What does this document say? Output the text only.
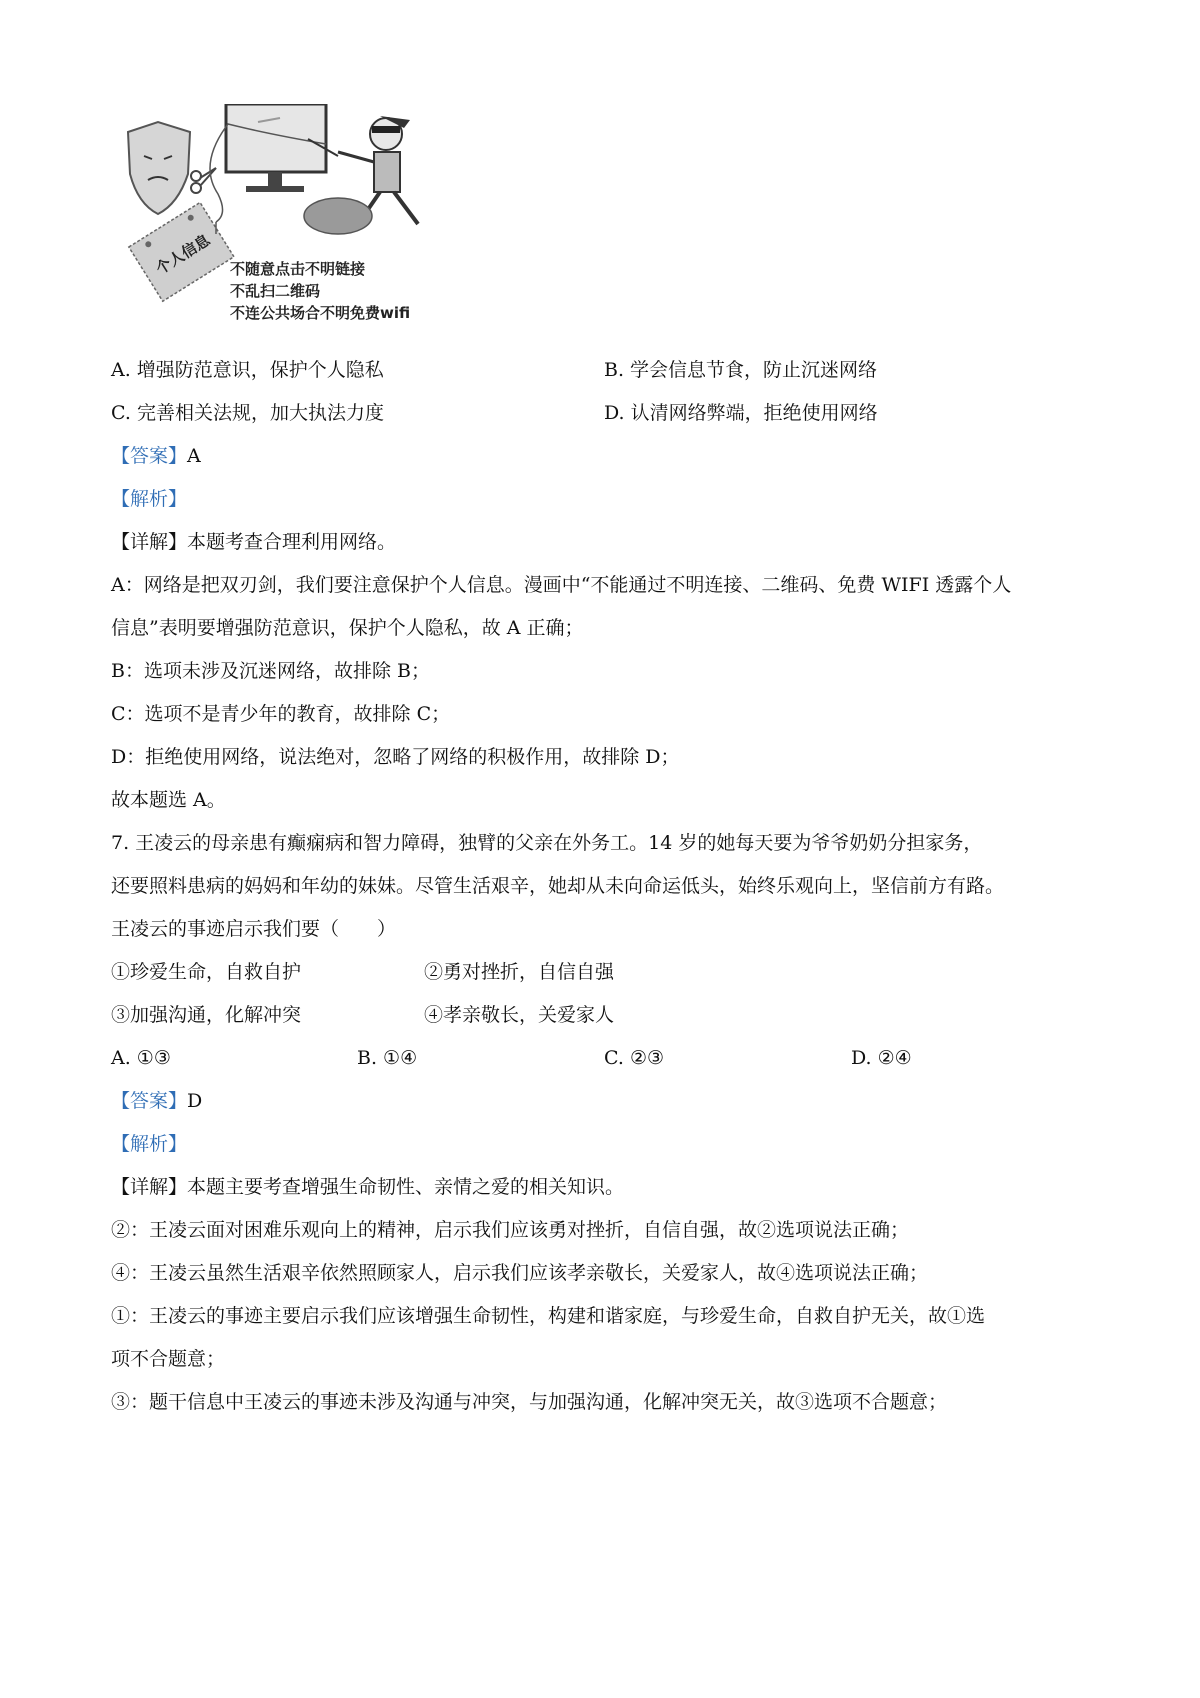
个人信息 不随意点击不明链接
不乱扫二维码
不连公共场合不明免费wifi
A. 增强防范意识，保护个人隐私	B. 学会信息节食，防止沉迷网络
C. 完善相关法规，加大执法力度	D. 认清网络弊端，拒绝使用网络
【答案】A
【解析】
【详解】本题考查合理利用网络。
A：网络是把双刃剑，我们要注意保护个人信息。漫画中“不能通过不明连接、二维码、免费 WIFI 透露个人
信息”表明要增强防范意识，保护个人隐私，故 A 正确；
B：选项未涉及沉迷网络，故排除 B；
C：选项不是青少年的教育，故排除 C；
D：拒绝使用网络，说法绝对，忽略了网络的积极作用，故排除 D；
故本题选 A。
7. 王凌云的母亲患有癫痫病和智力障碍，独臂的父亲在外务工。14 岁的她每天要为爷爷奶奶分担家务，
还要照料患病的妈妈和年幼的妹妹。尽管生活艰辛，她却从未向命运低头，始终乐观向上，坚信前方有路。
王凌云的事迹启示我们要（　　）
①珍爱生命，自救自护	②勇对挫折，自信自强
③加强沟通，化解冲突	④孝亲敬长，关爱家人
A. ①③	B. ①④	C. ②③	D. ②④
【答案】D
【解析】
【详解】本题主要考查增强生命韧性、亲情之爱的相关知识。
②：王凌云面对困难乐观向上的精神，启示我们应该勇对挫折，自信自强，故②选项说法正确；
④：王凌云虽然生活艰辛依然照顾家人，启示我们应该孝亲敬长，关爱家人，故④选项说法正确；
①：王凌云的事迹主要启示我们应该增强生命韧性，构建和谐家庭，与珍爱生命，自救自护无关，故①选
项不合题意；
③：题干信息中王凌云的事迹未涉及沟通与冲突，与加强沟通，化解冲突无关，故③选项不合题意；
